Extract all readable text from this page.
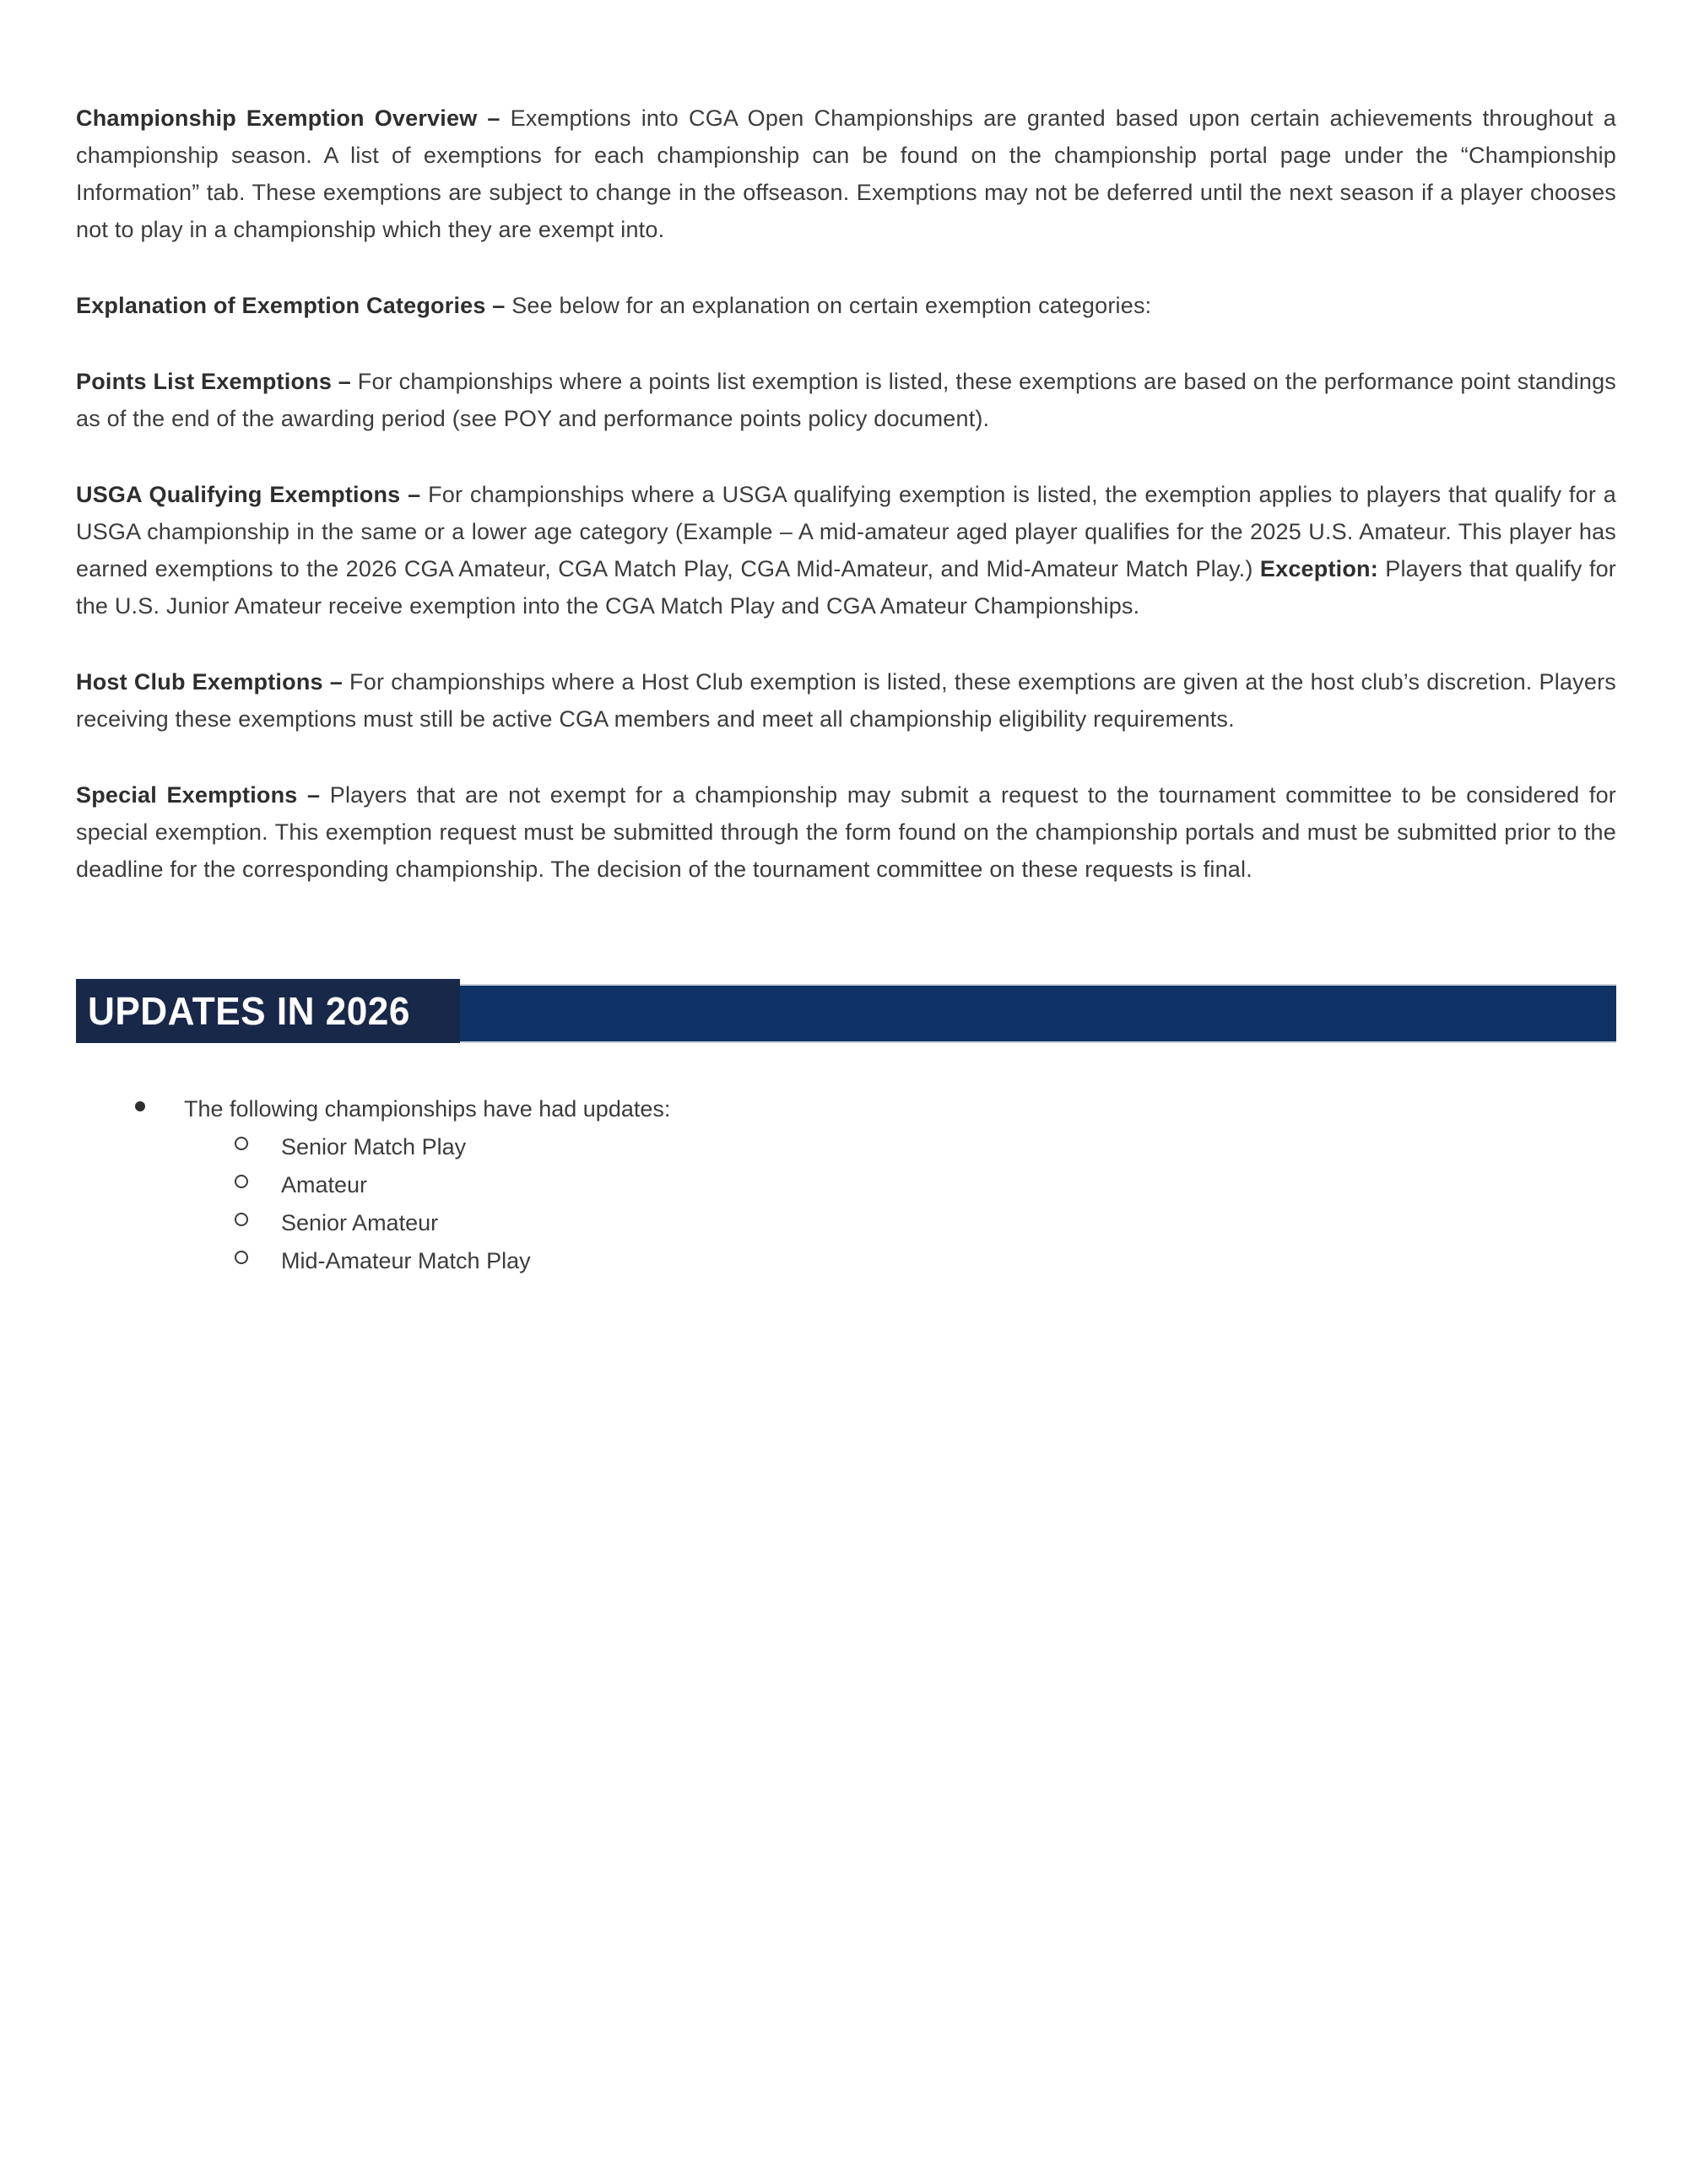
Championship Exemption Overview – Exemptions into CGA Open Championships are granted based upon certain achievements throughout a championship season. A list of exemptions for each championship can be found on the championship portal page under the “Championship Information” tab. These exemptions are subject to change in the offseason. Exemptions may not be deferred until the next season if a player chooses not to play in a championship which they are exempt into.

Explanation of Exemption Categories – See below for an explanation on certain exemption categories:

Points List Exemptions – For championships where a points list exemption is listed, these exemptions are based on the performance point standings as of the end of the awarding period (see POY and performance points policy document).

USGA Qualifying Exemptions – For championships where a USGA qualifying exemption is listed, the exemption applies to players that qualify for a USGA championship in the same or a lower age category (Example – A mid-amateur aged player qualifies for the 2025 U.S. Amateur. This player has earned exemptions to the 2026 CGA Amateur, CGA Match Play, CGA Mid-Amateur, and Mid-Amateur Match Play.) Exception: Players that qualify for the U.S. Junior Amateur receive exemption into the CGA Match Play and CGA Amateur Championships.

Host Club Exemptions – For championships where a Host Club exemption is listed, these exemptions are given at the host club’s discretion. Players receiving these exemptions must still be active CGA members and meet all championship eligibility requirements.

Special Exemptions – Players that are not exempt for a championship may submit a request to the tournament committee to be considered for special exemption. This exemption request must be submitted through the form found on the championship portals and must be submitted prior to the deadline for the corresponding championship. The decision of the tournament committee on these requests is final.

UPDATES IN 2026
The following championships have had updates:
Senior Match Play
Amateur
Senior Amateur
Mid-Amateur Match Play
